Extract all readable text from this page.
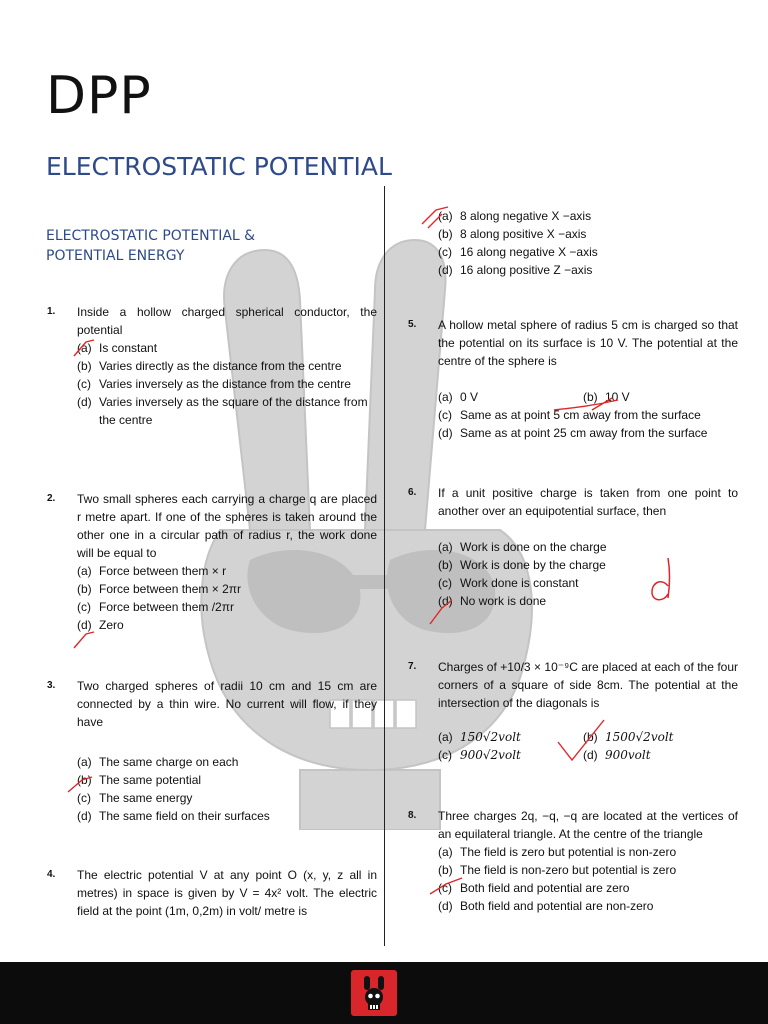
DPP
ELECTROSTATIC POTENTIAL
ELECTROSTATIC POTENTIAL &
POTENTIAL ENERGY
1. Inside a hollow charged spherical conductor, the potential
(a) Is constant
(b) Varies directly as the distance from the centre
(c) Varies inversely as the distance from the centre
(d) Varies inversely as the square of the distance from the centre
2. Two small spheres each carrying a charge q are placed r metre apart. If one of the spheres is taken around the other one in a circular path of radius r, the work done will be equal to
(a) Force between them × r
(b) Force between them × 2πr
(c) Force between them /2πr
(d) Zero
3. Two charged spheres of radii 10 cm and 15 cm are connected by a thin wire. No current will flow, if they have
(a) The same charge on each
(b) The same potential
(c) The same energy
(d) The same field on their surfaces
4. The electric potential V at any point O (x, y, z all in metres) in space is given by V = 4x² volt. The electric field at the point (1m, 0,2m) in volt/ metre is
(a) 8 along negative X −axis
(b) 8 along positive X −axis
(c) 16 along negative X −axis
(d) 16 along positive Z −axis
5. A hollow metal sphere of radius 5 cm is charged so that the potential on its surface is 10 V. The potential at the centre of the sphere is
(a) 0 V	(b) 10 V
(c) Same as at point 5 cm away from the surface
(d) Same as at point 25 cm away from the surface
6. If a unit positive charge is taken from one point to another over an equipotential surface, then
(a) Work is done on the charge
(b) Work is done by the charge
(c) Work done is constant
(d) No work is done
7. Charges of +10/3 × 10⁻⁹C are placed at each of the four corners of a square of side 8cm. The potential at the intersection of the diagonals is
(a) 150√2volt	(b) 1500√2volt
(c) 900√2volt	(d) 900volt
8. Three charges 2q, −q, −q are located at the vertices of an equilateral triangle. At the centre of the triangle
(a) The field is zero but potential is non-zero
(b) The field is non-zero but potential is zero
(c) Both field and potential are zero
(d) Both field and potential are non-zero
